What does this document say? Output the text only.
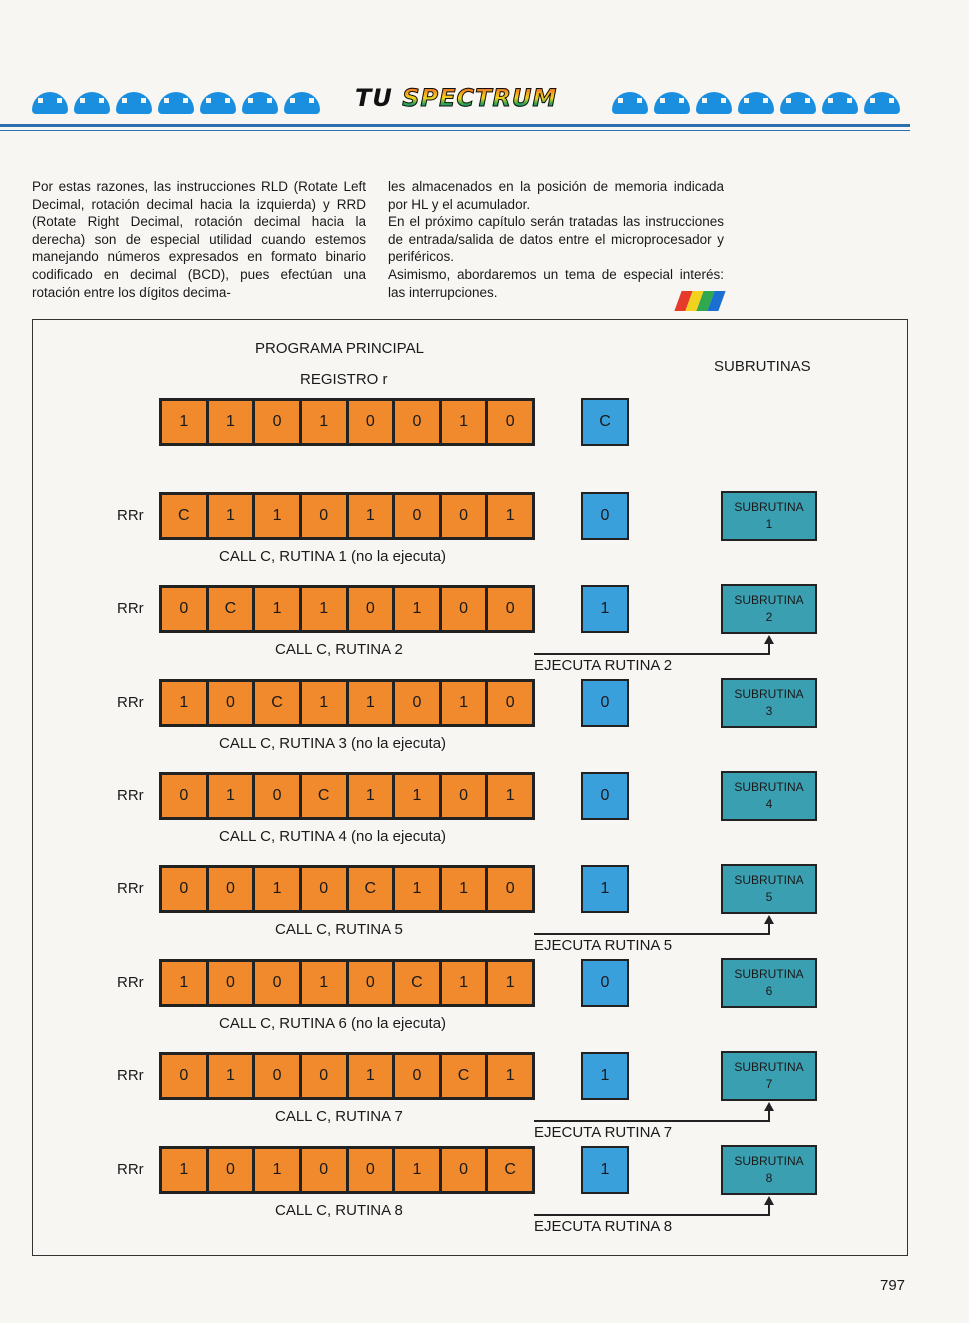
TU SPECTRUM

Por estas razones, las instrucciones RLD (Rotate Left Decimal, rotación decimal hacia la izquierda) y RRD (Rotate Right Decimal, rotación decimal hacia la derecha) son de especial utilidad cuando estemos manejando números expresados en formato binario codificado en decimal (BCD), pues efectúan una rotación entre los dígitos decima-

les almacenados en la posición de memoria indicada por HL y el acumulador.

En el próximo capítulo serán tratadas las instrucciones de entrada/salida de datos entre el microprocesador y periféricos.

Asimismo, abordaremos un tema de especial interés: las interrupciones.

PROGRAMA PRINCIPAL
REGISTRO r
SUBRUTINAS
1	1	0	1	0	0	1	0	C
RRr	C	1	1	0	1	0	0	1	0
CALL C, RUTINA 1 (no la ejecuta)
SUBRUTINA
1
RRr	0	C	1	1	0	1	0	0	1
CALL C, RUTINA 2
SUBRUTINA
2
EJECUTA RUTINA 2
RRr	1	0	C	1	1	0	1	0	0
CALL C, RUTINA 3 (no la ejecuta)
SUBRUTINA
3
RRr	0	1	0	C	1	1	0	1	0
CALL C, RUTINA 4 (no la ejecuta)
SUBRUTINA
4
RRr	0	0	1	0	C	1	1	0	1
CALL C, RUTINA 5
SUBRUTINA
5
EJECUTA RUTINA 5
RRr	1	0	0	1	0	C	1	1	0
CALL C, RUTINA 6 (no la ejecuta)
SUBRUTINA
6
RRr	0	1	0	0	1	0	C	1	1
CALL C, RUTINA 7
SUBRUTINA
7
EJECUTA RUTINA 7
RRr	1	0	1	0	0	1	0	C	1
CALL C, RUTINA 8
SUBRUTINA
8
EJECUTA RUTINA 8
797
